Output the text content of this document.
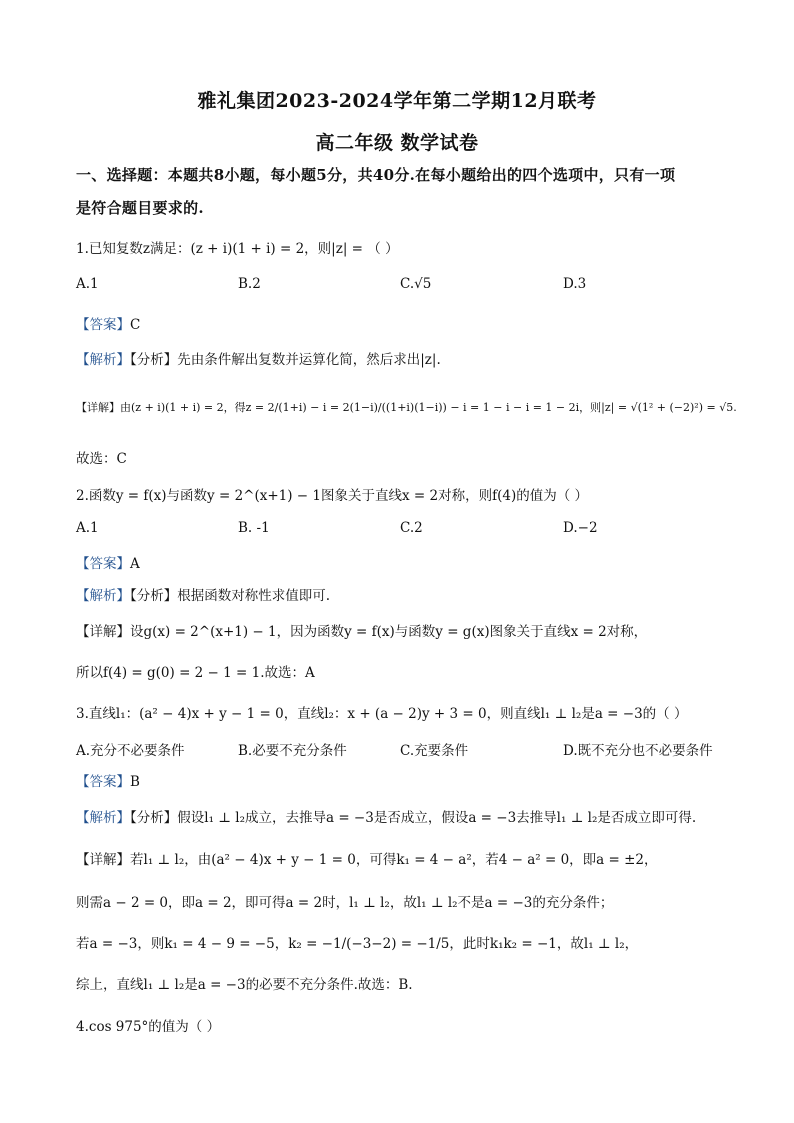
雅礼集团2023-2024学年第二学期12月联考
高二年级 数学试卷
一、选择题：本题共8小题，每小题5分，共40分.在每小题给出的四个选项中，只有一项
是符合题目要求的.
1.已知复数z满足：(z + i)(1 + i) = 2，则|z| = （ ）
A.1	B.2	C.√5	D.3
【答案】C
【解析】【分析】先由条件解出复数并运算化简，然后求出|z|.
【详解】由(z + i)(1 + i) = 2，得z = 2/(1+i) − i = 2(1−i)/((1+i)(1−i)) − i = 1 − i − i = 1 − 2i，则|z| = √(1² + (−2)²) = √5.
故选：C
2.函数y = f(x)与函数y = 2^(x+1) − 1图象关于直线x = 2对称，则f(4)的值为（ ）
A.1	B. -1	C.2	D.−2
【答案】A
【解析】【分析】根据函数对称性求值即可.
【详解】设g(x) = 2^(x+1) − 1，因为函数y = f(x)与函数y = g(x)图象关于直线x = 2对称，
所以f(4) = g(0) = 2 − 1 = 1.故选：A
3.直线l₁：(a² − 4)x + y − 1 = 0，直线l₂：x + (a − 2)y + 3 = 0，则直线l₁ ⊥ l₂是a = −3的（ ）
A.充分不必要条件	B.必要不充分条件	C.充要条件	D.既不充分也不必要条件
【答案】B
【解析】【分析】假设l₁ ⊥ l₂成立，去推导a = −3是否成立，假设a = −3去推导l₁ ⊥ l₂是否成立即可得.
【详解】若l₁ ⊥ l₂，由(a² − 4)x + y − 1 = 0，可得k₁ = 4 − a²，若4 − a² = 0，即a = ±2，
则需a − 2 = 0，即a = 2，即可得a = 2时，l₁ ⊥ l₂，故l₁ ⊥ l₂不是a = −3的充分条件；
若a = −3，则k₁ = 4 − 9 = −5，k₂ = −1/(−3−2) = −1/5，此时k₁k₂ = −1，故l₁ ⊥ l₂，
综上，直线l₁ ⊥ l₂是a = −3的必要不充分条件.故选：B.
4.cos 975°的值为（ ）
